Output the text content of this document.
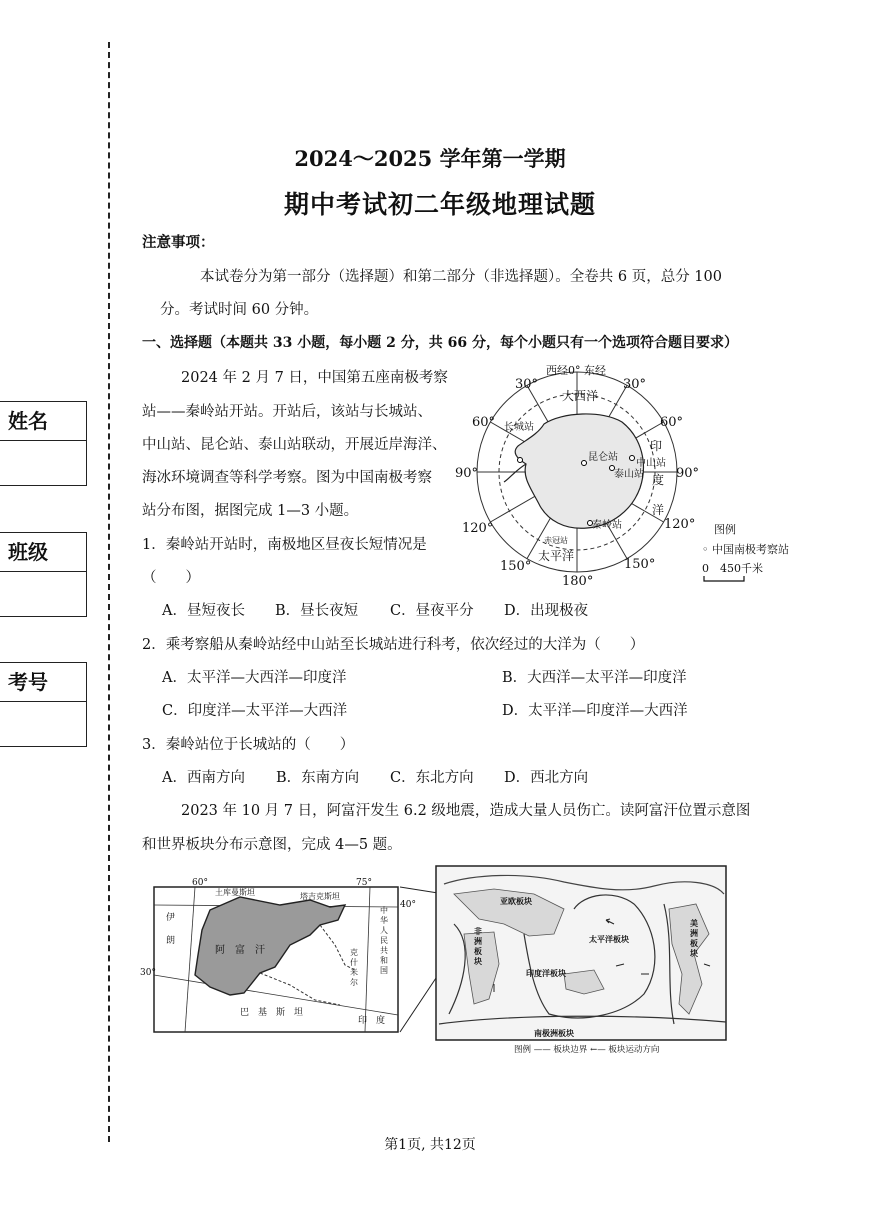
姓名
班级
考号
2024～2025 学年第一学期
期中考试初二年级地理试题
注意事项：
本试卷分为第一部分（选择题）和第二部分（非选择题）。全卷共 6 页，总分 100
分。考试时间 60 分钟。
一、选择题（本题共 33 小题，每小题 2 分，共 66 分，每个小题只有一个选项符合题目要求）
2024 年 2 月 7 日，中国第五座南极考察
站——秦岭站开站。开站后，该站与长城站、
中山站、昆仑站、泰山站联动，开展近岸海洋、
海冰环境调查等科学考察。图为中国南极考察
站分布图，据图完成 1—3 小题。
西经0° 东经
30°	30°
60°	60°
90°	90°
120°	120°
150°	150°
180°
大西洋
太平洋
印
度
洋
长城站
昆仑站
中山站
泰山站
秦岭站
赤冠站
图例
◦ 中国南极考察站
0 450千米
1．秦岭站开站时，南极地区昼夜长短情况是
（　　）
A．昼短夜长 B．昼长夜短 C．昼夜平分 D．出现极夜
2．乘考察船从秦岭站经中山站至长城站进行科考，依次经过的大洋为（　　）
A．太平洋—大西洋—印度洋	B．大西洋—太平洋—印度洋
C．印度洋—太平洋—大西洋	D．太平洋—印度洋—大西洋
3．秦岭站位于长城站的（　　）
A．西南方向 B．东南方向 C．东北方向 D．西北方向
2023 年 10 月 7 日，阿富汗发生 6.2 级地震，造成大量人员伤亡。读阿富汗位置示意图
和世界板块分布示意图，完成 4—5 题。
60°	75°
40°
30°
土库曼斯坦	塔吉克斯坦
伊
朗
阿　富　汗
巴　基　斯　坦
克
什
米
尔
中
华
人
民
共
和
国
印　度
亚欧板块
非
洲
板
块
太平洋板块
印度洋板块
美
洲
板
块
南极洲板块
图例 —— 板块边界 ←— 板块运动方向
第1页, 共12页
